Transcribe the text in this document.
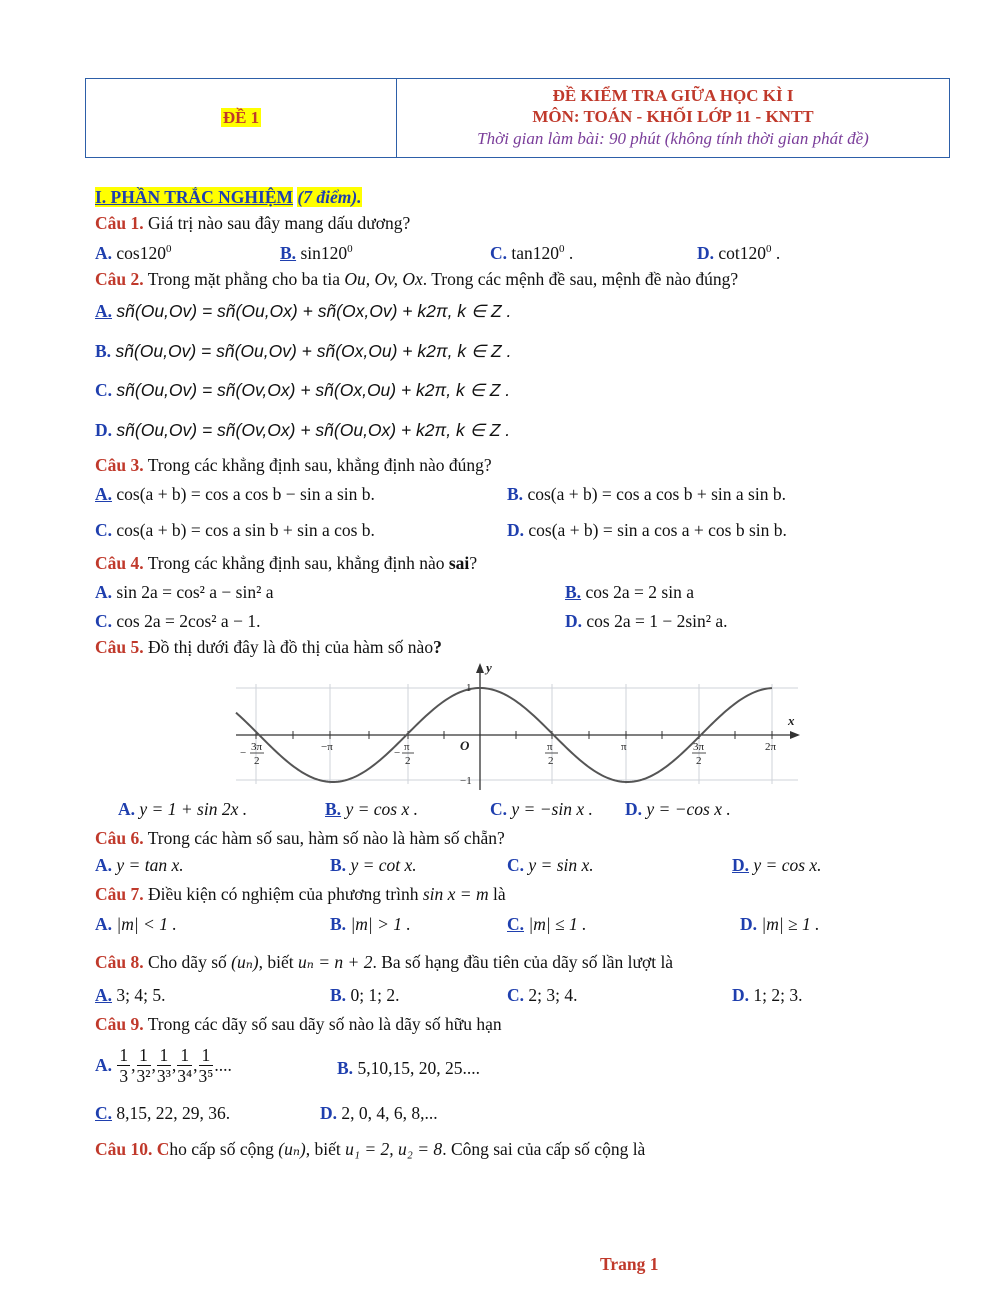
ĐỀ 1	
ĐỀ KIỂM TRA GIỮA HỌC KÌ I
MÔN: TOÁN - KHỐI LỚP 11 - KNTT
Thời gian làm bài: 90 phút (không tính thời gian phát đề)
I. PHẦN TRẮC NGHIỆM (7 điểm).
Câu 1. Giá trị nào sau đây mang dấu dương?
A. $\cos 120^0$	B. $\sin 120^0$	C. $\tan 120^0$ .	D. $\cot 120^0$ .
Câu 2. Trong mặt phẳng cho ba tia Ou, Ov, Ox. Trong các mệnh đề sau, mệnh đề nào đúng?
A. sñ(Ou,Ov) = sñ(Ou,Ox) + sñ(Ox,Ov) + k2π, k ∈ Z .
B. sñ(Ou,Ov) = sñ(Ou,Ov) + sñ(Ox,Ou) + k2π, k ∈ Z .
C. sñ(Ou,Ov) = sñ(Ov,Ox) + sñ(Ox,Ou) + k2π, k ∈ Z .
D. sñ(Ou,Ov) = sñ(Ov,Ox) + sñ(Ou,Ox) + k2π, k ∈ Z .
Câu 3. Trong các khẳng định sau, khẳng định nào đúng?
A. cos(a + b) = cos a cos b − sin a sin b.	B. cos(a + b) = cos a cos b + sin a sin b.
C. cos(a + b) = cos a sin b + sin a cos b.	D. cos(a + b) = sin a cos a + cos b sin b.
Câu 4. Trong các khẳng định sau, khẳng định nào sai?
A. sin 2a = cos² a − sin² a	B. cos 2a = 2 sin a
C. cos 2a = 2cos² a − 1.	D. cos 2a = 1 − 2sin² a.
Câu 5. Đồ thị dưới đây là đồ thị của hàm số nào?
3π
−
2
−π	π
−
2
π
2
π	3π
2
2π
O
1
−1
x
y
A. y = 1 + sin 2x .	B. y = cos x .	C. y = −sin x . D. y = −cos x .
Câu 6. Trong các hàm số sau, hàm số nào là hàm số chẵn?
A. y = tan x.	B. y = cot x.	C. y = sin x.	D. y = cos x.
Câu 7. Điều kiện có nghiệm của phương trình sin x = m là
A. |m| < 1 .	B. |m| > 1 .	C. |m| ≤ 1 .	D. |m| ≥ 1 .
Câu 8. Cho dãy số (uₙ), biết uₙ = n + 2. Ba số hạng đầu tiên của dãy số lần lượt là
A. 3; 4; 5.	B. 0; 1; 2.	C. 2; 3; 4.	D. 1; 2; 3.
Câu 9. Trong các dãy số sau dãy số nào là dãy số hữu hạn
A.
$\frac{1}{3}$ , $\frac{1}{\text{3²}}$ , $\frac{1}{\text{3³}}$ , $\frac{1}{\text{3⁴}}$ , $\frac{1}{\text{3⁵}}$ ....	B. 5,10,15, 20, 25....
C. 8,15, 22, 29, 36.	D. 2, 0, 4, 6, 8,...
Câu 10. Cho cấp số cộng (uₙ), biết u₁ = 2, u₂ = 8. Công sai của cấp số cộng là
Trang 1
